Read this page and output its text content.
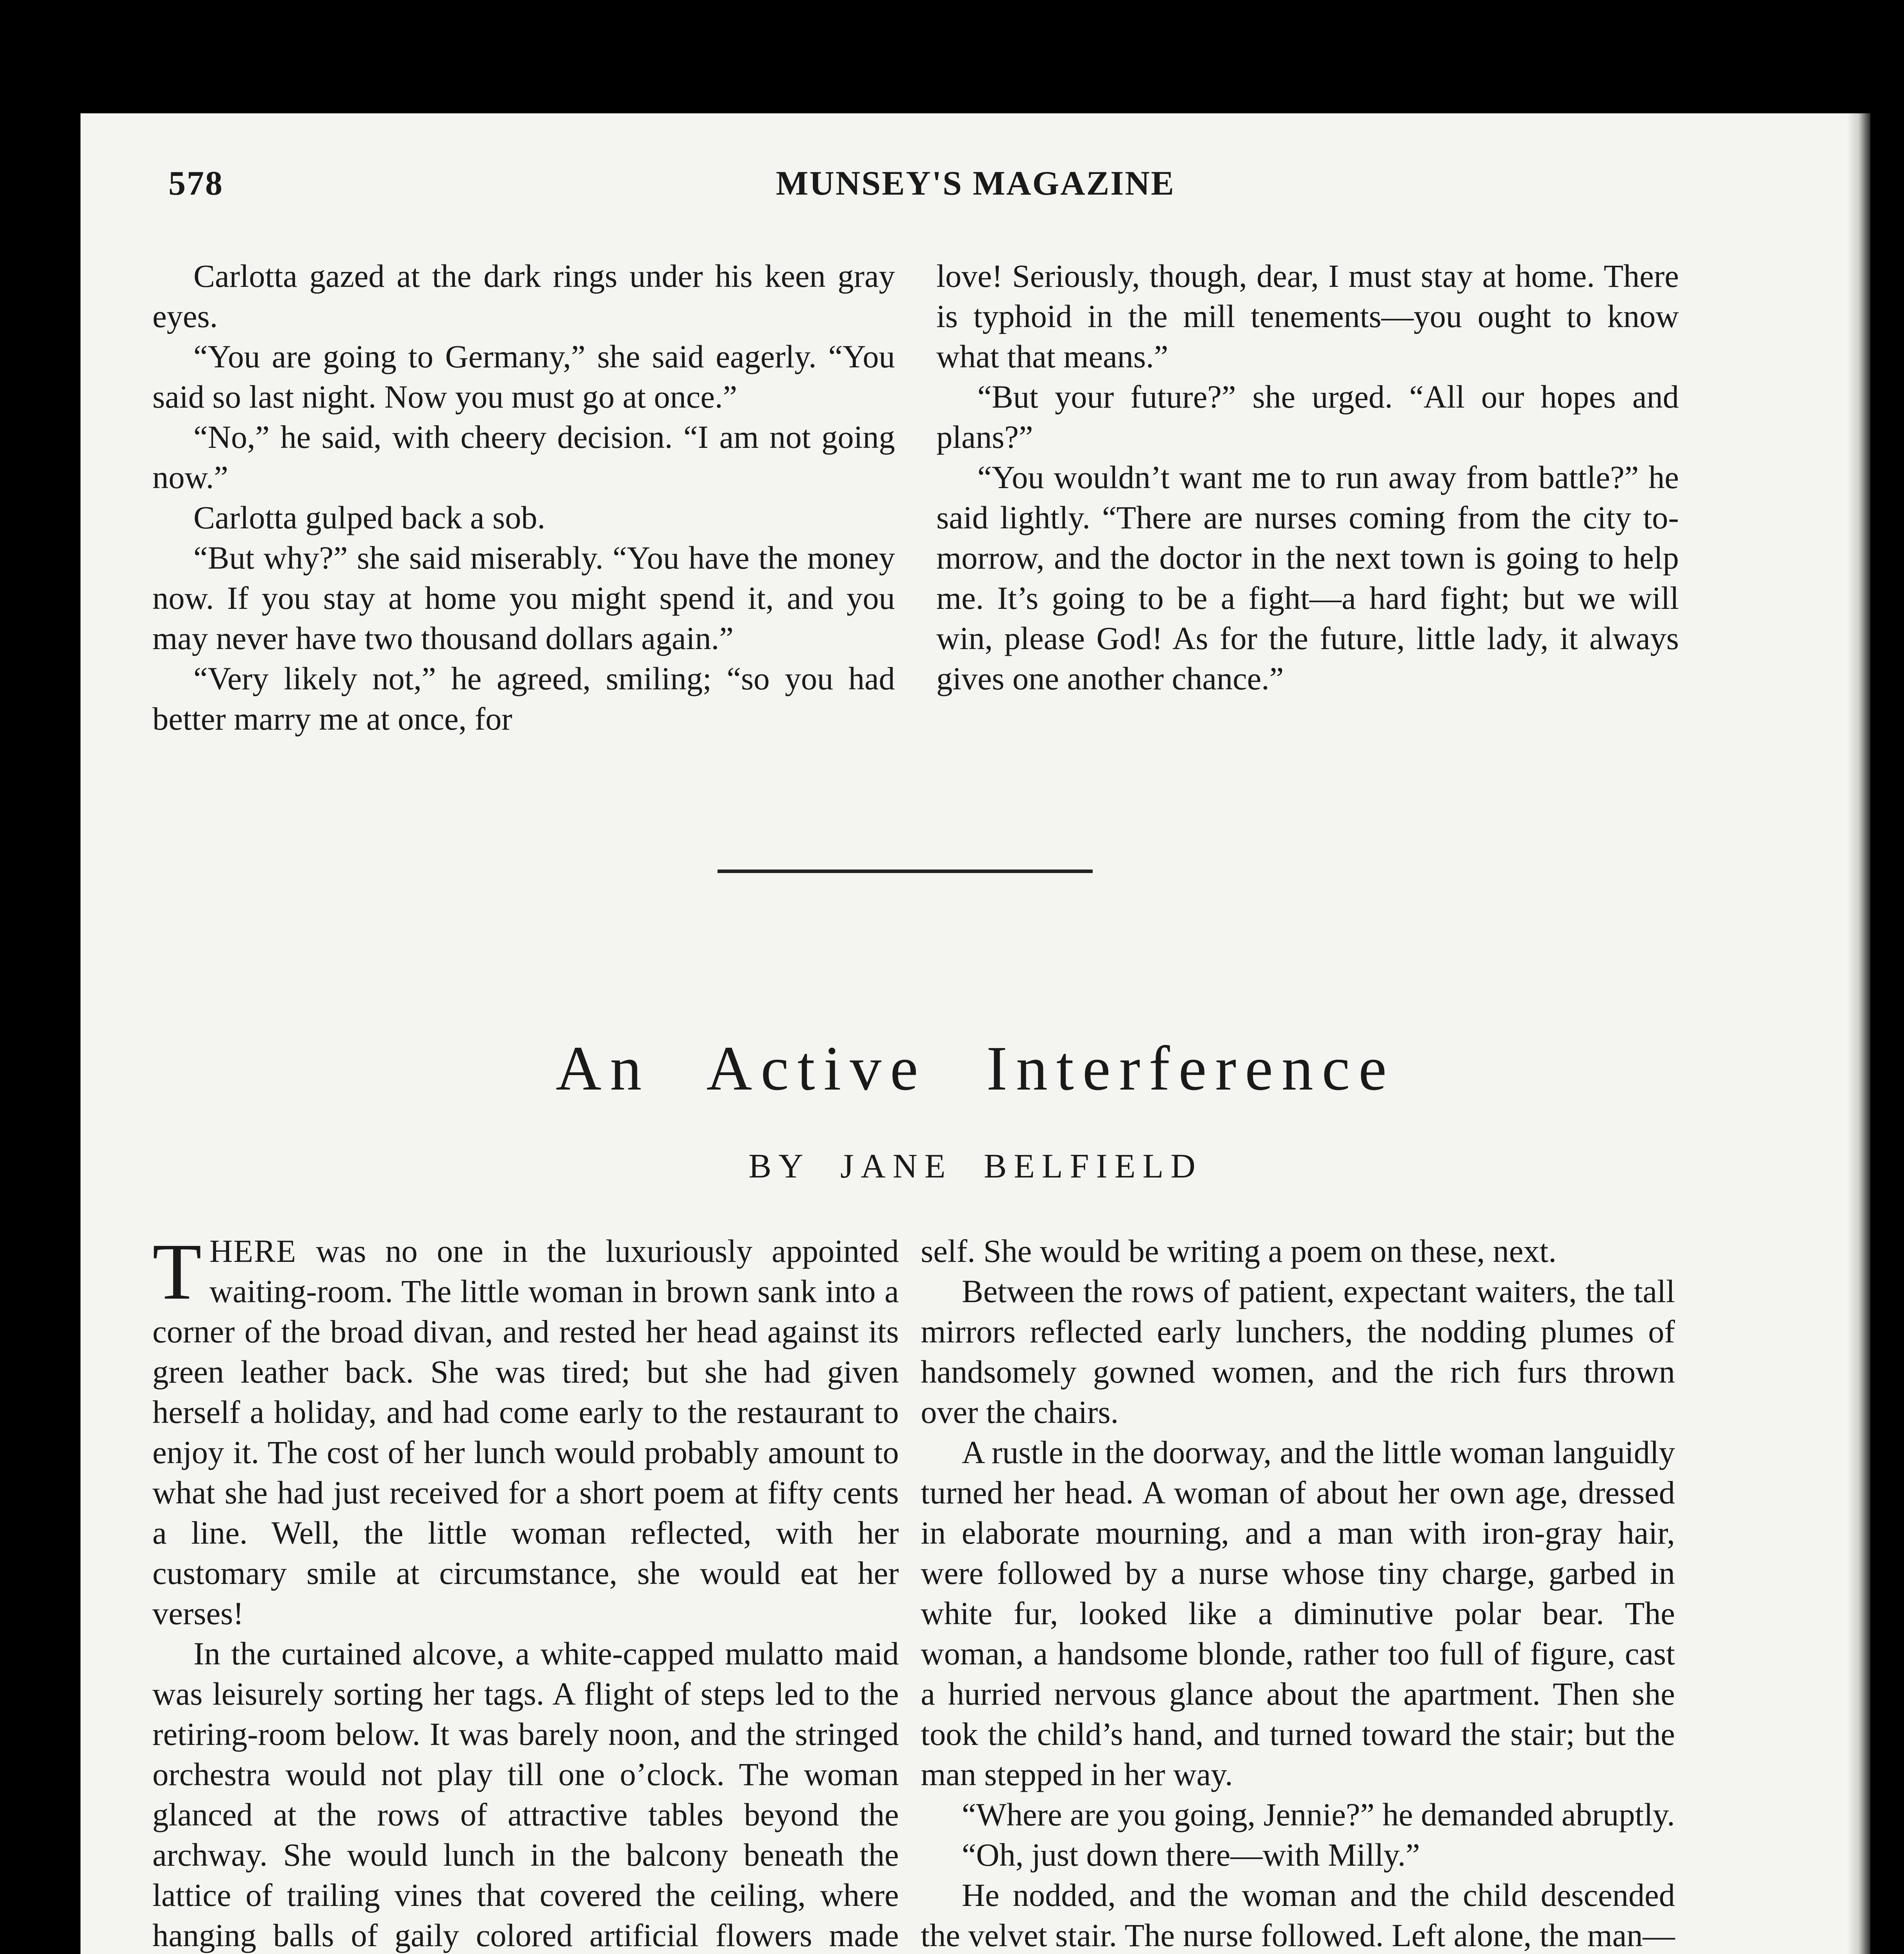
578	MUNSEY'S MAGAZINE

Carlotta gazed at the dark rings under his keen gray eyes.

“You are going to Germany,” she said eagerly. “You said so last night. Now you must go at once.”

“No,” he said, with cheery decision. “I am not going now.”

Carlotta gulped back a sob.

“But why?” she said miserably. “You have the money now. If you stay at home you might spend it, and you may never have two thousand dollars again.”

“Very likely not,” he agreed, smiling; “so you had better marry me at once, for

love! Seriously, though, dear, I must stay at home. There is typhoid in the mill tenements—you ought to know what that means.”

“But your future?” she urged. “All our hopes and plans?”

“You wouldn’t want me to run away from battle?” he said lightly. “There are nurses coming from the city to-morrow, and the doctor in the next town is going to help me. It’s going to be a fight—a hard fight; but we will win, please God! As for the future, little lady, it always gives one another chance.”

An Active Interference
BY JANE BELFIELD

THERE was no one in the luxuriously appointed waiting-room. The little woman in brown sank into a corner of the broad divan, and rested her head against its green leather back. She was tired; but she had given herself a holiday, and had come early to the restaurant to enjoy it. The cost of her lunch would probably amount to what she had just received for a short poem at fifty cents a line. Well, the little woman reflected, with her customary smile at circumstance, she would eat her verses!

In the curtained alcove, a white-capped mulatto maid was leisurely sorting her tags. A flight of steps led to the retiring-room below. It was barely noon, and the stringed orchestra would not play till one o’clock. The woman glanced at the rows of attractive tables beyond the archway. She would lunch in the balcony beneath the lattice of trailing vines that covered the ceiling, where hanging balls of gaily colored artificial flowers made

self. She would be writing a poem on these, next.

Between the rows of patient, expectant waiters, the tall mirrors reflected early lunchers, the nodding plumes of handsomely gowned women, and the rich furs thrown over the chairs.

A rustle in the doorway, and the little woman languidly turned her head. A woman of about her own age, dressed in elaborate mourning, and a man with iron-gray hair, were followed by a nurse whose tiny charge, garbed in white fur, looked like a diminutive polar bear. The woman, a handsome blonde, rather too full of figure, cast a hurried nervous glance about the apartment. Then she took the child’s hand, and turned toward the stair; but the man stepped in her way.

“Where are you going, Jennie?” he demanded abruptly.

“Oh, just down there—with Milly.”

He nodded, and the woman and the child descended the velvet stair. The nurse followed. Left alone, the man—
